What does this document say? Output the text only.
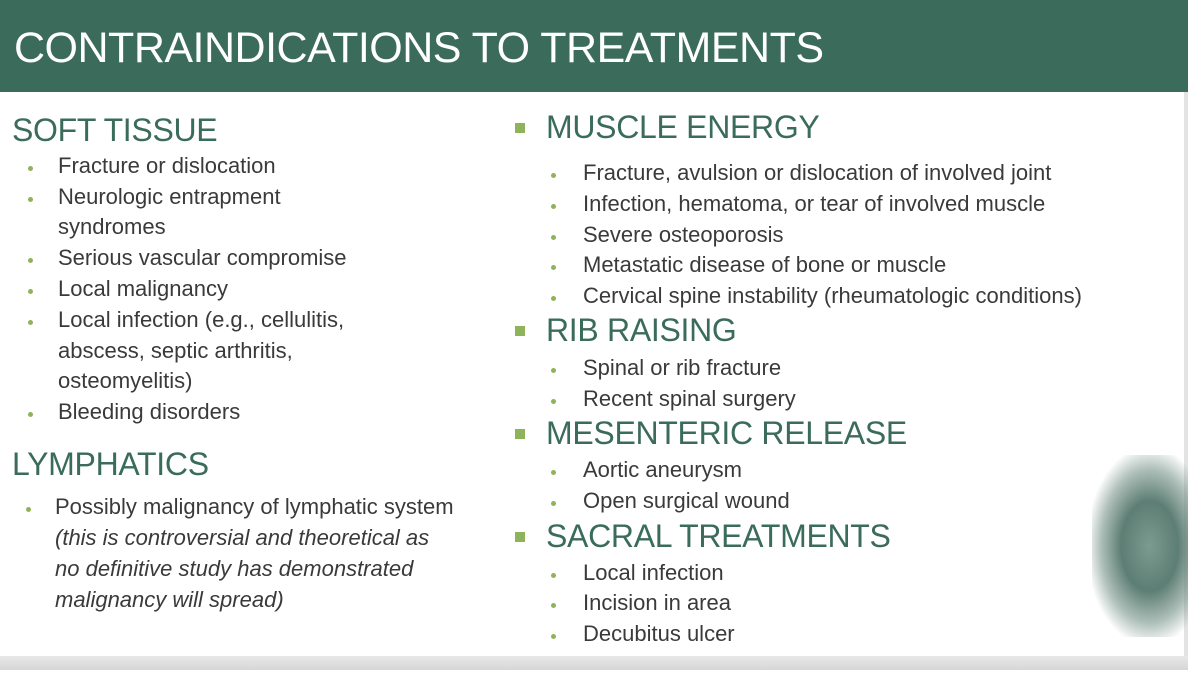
CONTRAINDICATIONS TO TREATMENTS
SOFT TISSUE
Fracture or dislocation
Neurologic entrapment
syndromes
Serious vascular compromise
Local malignancy
Local infection (e.g., cellulitis,
abscess, septic arthritis,
osteomyelitis)
Bleeding disorders
LYMPHATICS
Possibly malignancy of lymphatic system
(this is controversial and theoretical as
no definitive study has demonstrated
malignancy will spread)
MUSCLE ENERGY
Fracture, avulsion or dislocation of involved joint
Infection, hematoma, or tear of involved muscle
Severe osteoporosis
Metastatic disease of bone or muscle
Cervical spine instability (rheumatologic conditions)
RIB RAISING
Spinal or rib fracture
Recent spinal surgery
MESENTERIC RELEASE
Aortic aneurysm
Open surgical wound
SACRAL TREATMENTS
Local infection
Incision in area
Decubitus ulcer
